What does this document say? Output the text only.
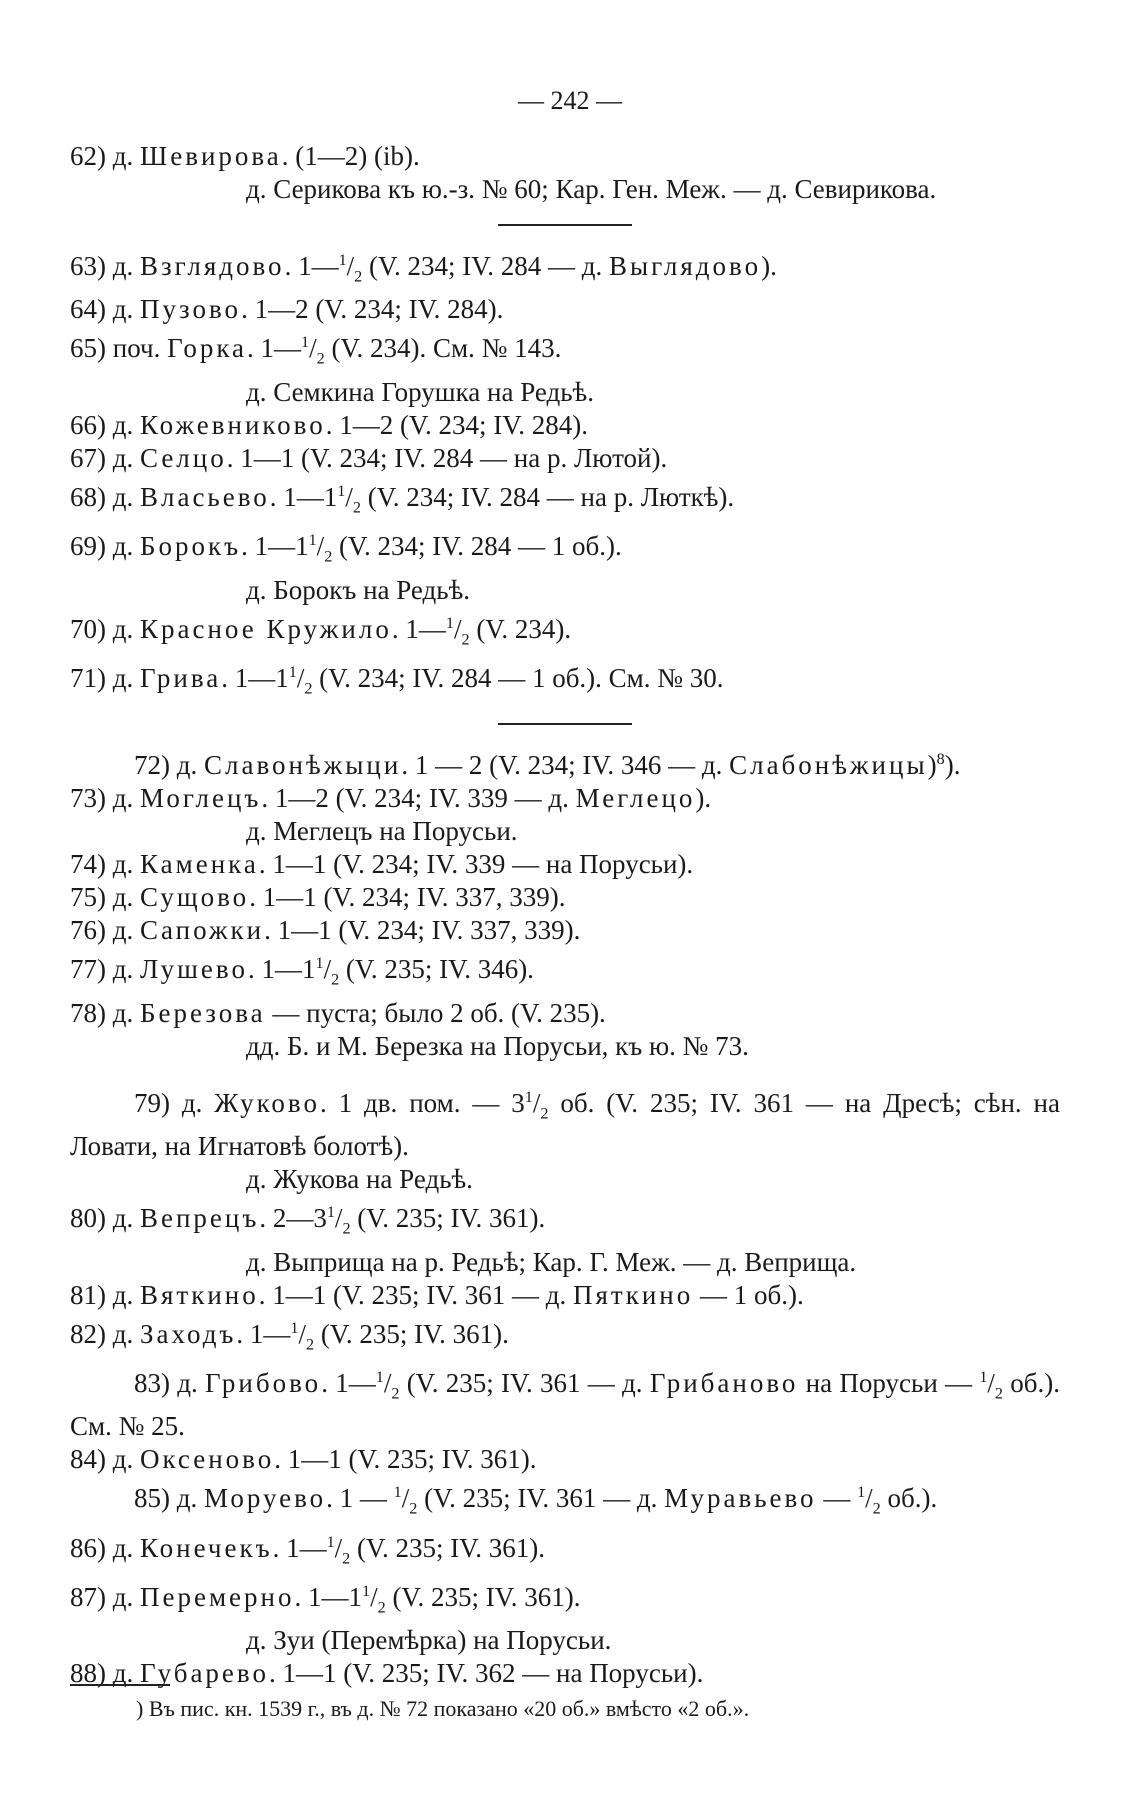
— 242 —
62) д. Шевирова. (1—2) (ib).
д. Серикова къ ю.-з. № 60; Кар. Ген. Меж. — д. Севирикова.
63) д. Взглядово. $1—^1/_2$ (V. 234; IV. 284 — д. Выглядово).
64) д. Пузово. 1—2 (V. 234; IV. 284).
65) поч. Горка. $1—^1/_2$ (V. 234). См. № 143.
д. Семкина Горушка на Редьѣ.
66) д. Кожевниково. 1—2 (V. 234; IV. 284).
67) д. Селцо. 1—1 (V. 234; IV. 284 — на р. Лютой).
68) д. Власьево. $1—1^1/_2$ (V. 234; IV. 284 — на р. Люткѣ).
69) д. Борокъ. $1—1^1/_2$ (V. 234; IV. 284 — 1 об.).
д. Борокъ на Редьѣ.
70) д. Красное Кружило. $1—^1/_2$ (V. 234).
71) д. Грива. $1—1^1/_2$ (V. 234; IV. 284 — 1 об.). См. № 30.
72) д. Славонѣжыци. 1 — 2 (V. 234; IV. 346 — д. Слабонѣжицы)$^8$).
73) д. Моглецъ. 1—2 (V. 234; IV. 339 — д. Меглецо).
д. Меглецъ на Порусьи.
74) д. Каменка. 1—1 (V. 234; IV. 339 — на Порусьи).
75) д. Сущово. 1—1 (V. 234; IV. 337, 339).
76) д. Сапожки. 1—1 (V. 234; IV. 337, 339).
77) д. Лушево. $1—1^1/_2$ (V. 235; IV. 346).
78) д. Березова — пуста; было 2 об. (V. 235).
дд. Б. и М. Березка на Порусьи, къ ю. № 73.
79) д. Жуково. 1 дв. пом. — $3^1/_2$ об. (V. 235; IV. 361 — на Дресѣ; сѣн. на Ловати, на Игнатовѣ болотѣ).
д. Жукова на Редьѣ.
80) д. Вепрецъ. $2—3^1/_2$ (V. 235; IV. 361).
д. Выприща на р. Редьѣ; Кар. Г. Меж. — д. Веприща.
81) д. Вяткино. 1—1 (V. 235; IV. 361 — д. Пяткино — 1 об.).
82) д. Заходъ. $1—^1/_2$ (V. 235; IV. 361).
83) д. Грибово. $1—^1/_2$ (V. 235; IV. 361 — д. Грибаново на Порусьи — $^1/_2$ об.). См. № 25.
84) д. Оксеново. 1—1 (V. 235; IV. 361).
85) д. Моруево. 1 — $^1/_2$ (V. 235; IV. 361 — д. Муравьево — $^1/_2$ об.).
86) д. Конечекъ. $1—^1/_2$ (V. 235; IV. 361).
87) д. Перемерно. $1—1^1/_2$ (V. 235; IV. 361).
д. Зуи (Перемѣрка) на Порусьи.
88) д. Губарево. 1—1 (V. 235; IV. 362 — на Порусьи).
) Въ пис. кн. 1539 г., въ д. № 72 показано «20 об.» вмѣсто «2 об.».
